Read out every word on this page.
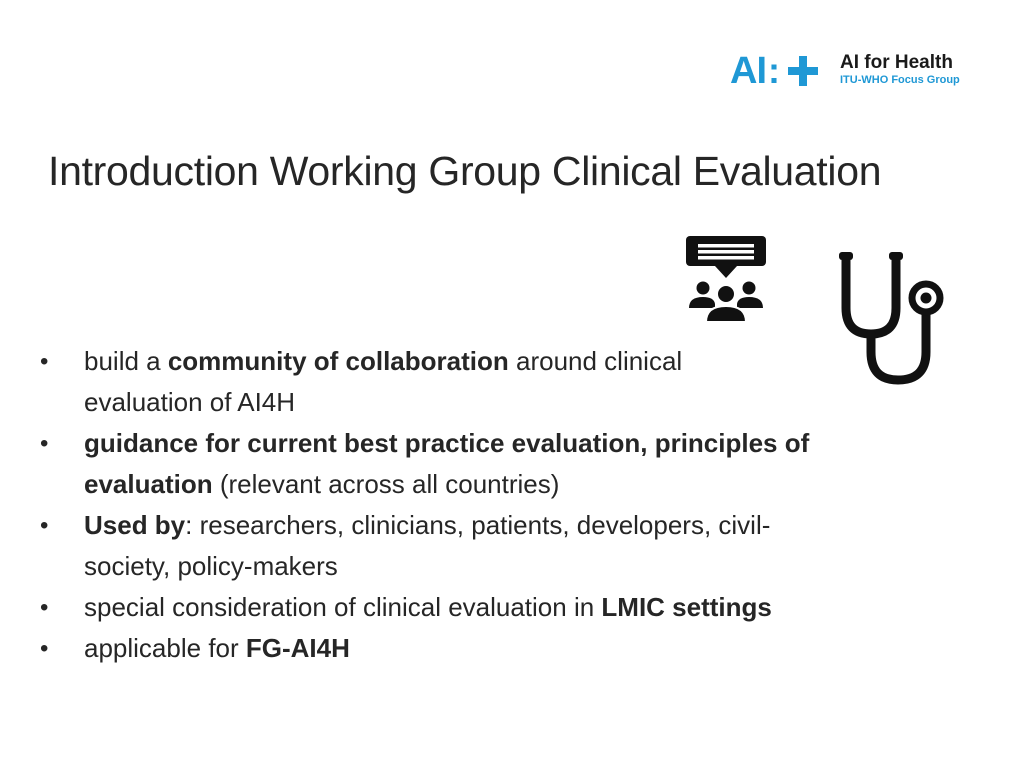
AI :	AI for Health
ITU-WHO Focus Group
Introduction Working Group Clinical Evaluation
•	build a community of collaboration around clinical
evaluation of AI4H
•	guidance for current best practice evaluation, principles of
evaluation (relevant across all countries)
•	Used by: researchers, clinicians, patients, developers, civil-
society, policy-makers
•	special consideration of clinical evaluation in LMIC settings
•	applicable for FG-AI4H
